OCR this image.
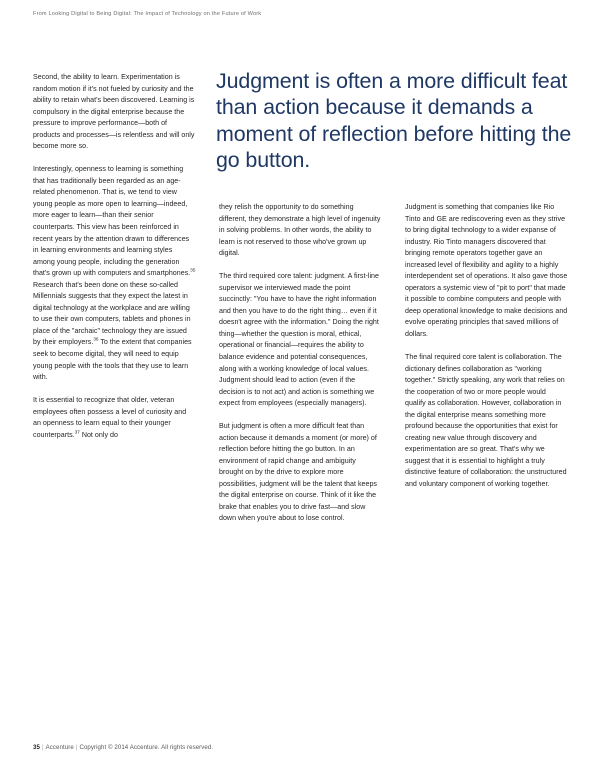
From Looking Digital to Being Digital: The Impact of Technology on the Future of Work
Judgment is often a more difficult feat than action because it demands a moment of reflection before hitting the go button.

Second, the ability to learn. Experimentation is random motion if it's not fueled by curiosity and the ability to retain what's been discovered. Learning is compulsory in the digital enterprise because the pressure to improve performance—both of products and processes—is relentless and will only become more so.

Interestingly, openness to learning is something that has traditionally been regarded as an age-related phenomenon. That is, we tend to view young people as more open to learning—indeed, more eager to learn—than their senior counterparts. This view has been reinforced in recent years by the attention drawn to differences in learning environments and learning styles among young people, including the generation that's grown up with computers and smartphones.$^{35}$ Research that's been done on these so-called Millennials suggests that they expect the latest in digital technology at the workplace and are willing to use their own computers, tablets and phones in place of the "archaic" technology they are issued by their employers.$^{36}$ To the extent that companies seek to become digital, they will need to equip young people with the tools that they use to learn with.

It is essential to recognize that older, veteran employees often possess a level of curiosity and an openness to learn equal to their younger counterparts.$^{37}$ Not only do

they relish the opportunity to do something different, they demonstrate a high level of ingenuity in solving problems. In other words, the ability to learn is not reserved to those who've grown up digital.

The third required core talent: judgment. A first-line supervisor we interviewed made the point succinctly: "You have to have the right information and then you have to do the right thing… even if it doesn't agree with the information." Doing the right thing—whether the question is moral, ethical, operational or financial—requires the ability to balance evidence and potential consequences, along with a working knowledge of local values. Judgment should lead to action (even if the decision is to not act) and action is something we expect from employees (especially managers).

But judgment is often a more difficult feat than action because it demands a moment (or more) of reflection before hitting the go button. In an environment of rapid change and ambiguity brought on by the drive to explore more possibilities, judgment will be the talent that keeps the digital enterprise on course. Think of it like the brake that enables you to drive fast—and slow down when you're about to lose control.

Judgment is something that companies like Rio Tinto and GE are rediscovering even as they strive to bring digital technology to a wider expanse of industry. Rio Tinto managers discovered that bringing remote operators together gave an increased level of flexibility and agility to a highly interdependent set of operations. It also gave those operators a systemic view of "pit to port" that made it possible to combine computers and people with deep operational knowledge to make decisions and evolve operating principles that saved millions of dollars.

The final required core talent is collaboration. The dictionary defines collaboration as "working together." Strictly speaking, any work that relies on the cooperation of two or more people would qualify as collaboration. However, collaboration in the digital enterprise means something more profound because the opportunities that exist for creating new value through discovery and experimentation are so great. That's why we suggest that it is essential to highlight a truly distinctive feature of collaboration: the unstructured and voluntary component of working together.

35 | Accenture | Copyright © 2014 Accenture. All rights reserved.
